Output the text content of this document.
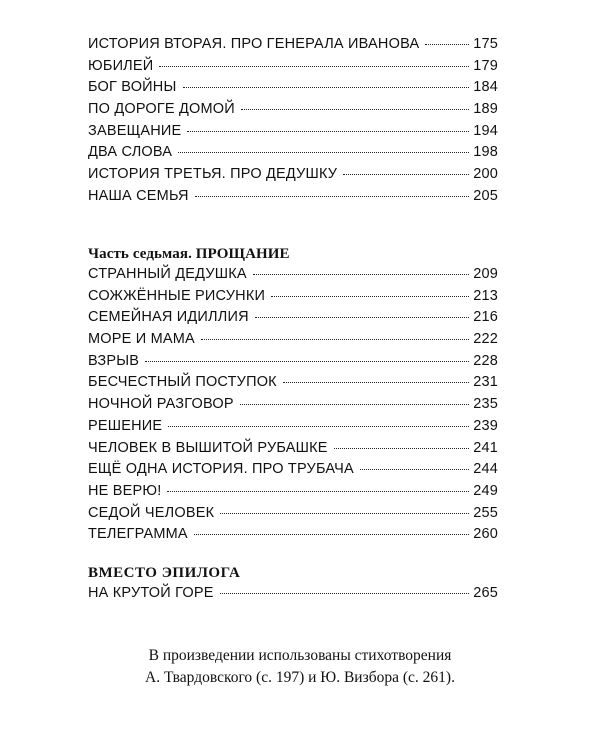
ИСТОРИЯ ВТОРАЯ. ПРО ГЕНЕРАЛА ИВАНОВА	175
ЮБИЛЕЙ	179
БОГ ВОЙНЫ	184
ПО ДОРОГЕ ДОМОЙ	189
ЗАВЕЩАНИЕ	194
ДВА СЛОВА	198
ИСТОРИЯ ТРЕТЬЯ. ПРО ДЕДУШКУ	200
НАША СЕМЬЯ	205
Часть седьмая. ПРОЩАНИЕ
СТРАННЫЙ ДЕДУШКА	209
СОЖЖЁННЫЕ РИСУНКИ	213
СЕМЕЙНАЯ ИДИЛЛИЯ	216
МОРЕ И МАМА	222
ВЗРЫВ	228
БЕСЧЕСТНЫЙ ПОСТУПОК	231
НОЧНОЙ РАЗГОВОР	235
РЕШЕНИЕ	239
ЧЕЛОВЕК В ВЫШИТОЙ РУБАШКЕ	241
ЕЩЁ ОДНА ИСТОРИЯ. ПРО ТРУБАЧА	244
НЕ ВЕРЮ!	249
СЕДОЙ ЧЕЛОВЕК	255
ТЕЛЕГРАММА	260
ВМЕСТО ЭПИЛОГА
НА КРУТОЙ ГОРЕ	265
В произведении использованы стихотворения
А. Твардовского (с. 197) и Ю. Визбора (с. 261).
